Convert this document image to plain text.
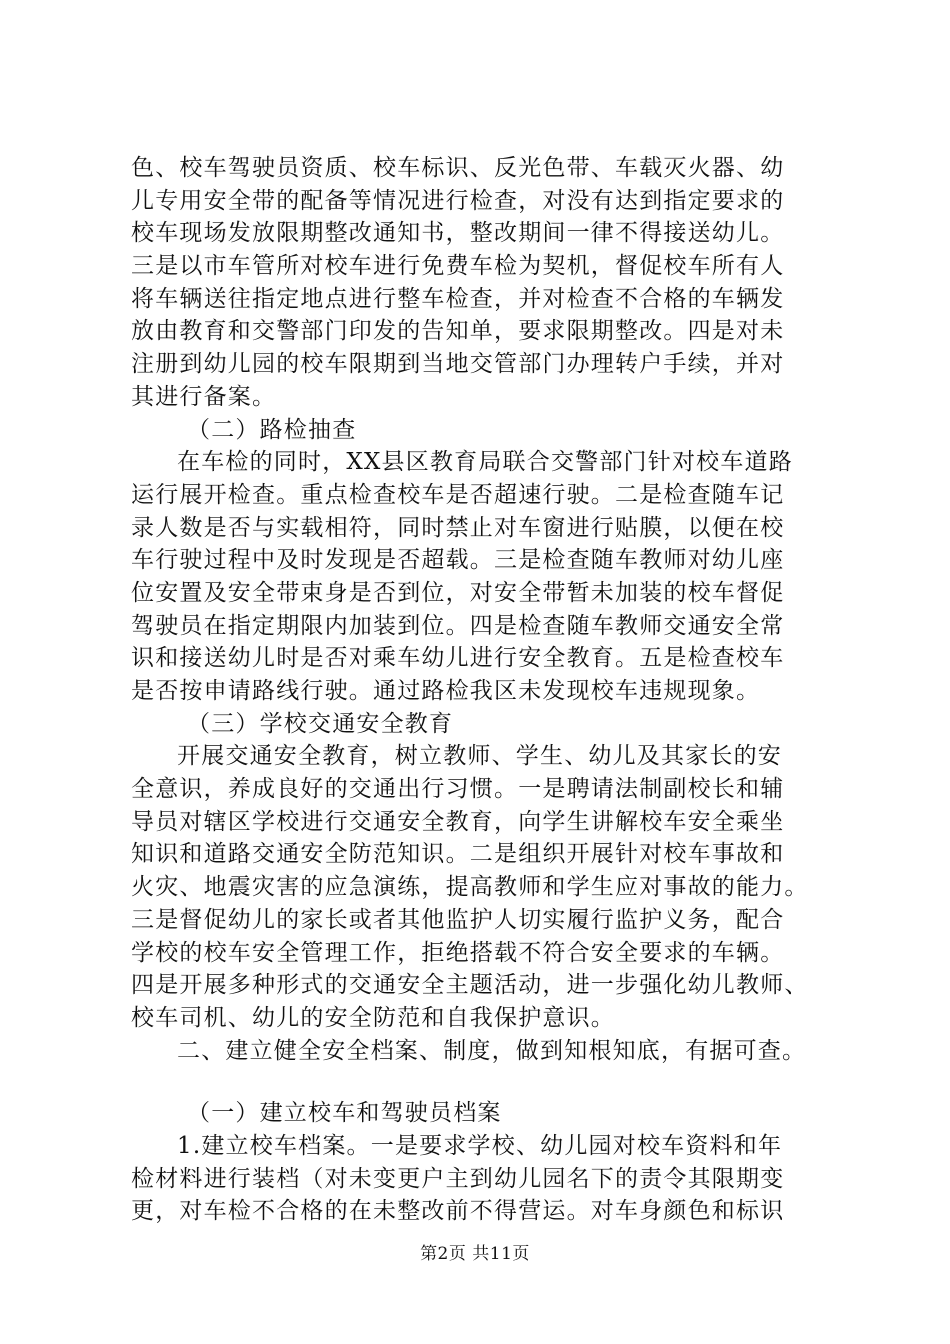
色、校车驾驶员资质、校车标识、反光色带、车载灭火器、幼
儿专用安全带的配备等情况进行检查，对没有达到指定要求的
校车现场发放限期整改通知书，整改期间一律不得接送幼儿。
三是以市车管所对校车进行免费车检为契机，督促校车所有人
将车辆送往指定地点进行整车检查，并对检查不合格的车辆发
放由教育和交警部门印发的告知单，要求限期整改。四是对未
注册到幼儿园的校车限期到当地交管部门办理转户手续，并对
其进行备案。
（二）路检抽查
在车检的同时，XX县区教育局联合交警部门针对校车道路
运行展开检查。重点检查校车是否超速行驶。二是检查随车记
录人数是否与实载相符，同时禁止对车窗进行贴膜，以便在校
车行驶过程中及时发现是否超载。三是检查随车教师对幼儿座
位安置及安全带束身是否到位，对安全带暂未加装的校车督促
驾驶员在指定期限内加装到位。四是检查随车教师交通安全常
识和接送幼儿时是否对乘车幼儿进行安全教育。五是检查校车
是否按申请路线行驶。通过路检我区未发现校车违规现象。
（三）学校交通安全教育
开展交通安全教育，树立教师、学生、幼儿及其家长的安
全意识，养成良好的交通出行习惯。一是聘请法制副校长和辅
导员对辖区学校进行交通安全教育，向学生讲解校车安全乘坐
知识和道路交通安全防范知识。二是组织开展针对校车事故和
火灾、地震灾害的应急演练，提高教师和学生应对事故的能力。
三是督促幼儿的家长或者其他监护人切实履行监护义务，配合
学校的校车安全管理工作，拒绝搭载不符合安全要求的车辆。
四是开展多种形式的交通安全主题活动，进一步强化幼儿教师、
校车司机、幼儿的安全防范和自我保护意识。
二、建立健全安全档案、制度，做到知根知底，有据可查。
（一）建立校车和驾驶员档案
1.建立校车档案。一是要求学校、幼儿园对校车资料和年
检材料进行装档（对未变更户主到幼儿园名下的责令其限期变
更，对车检不合格的在未整改前不得营运。对车身颜色和标识
第2页 共11页
